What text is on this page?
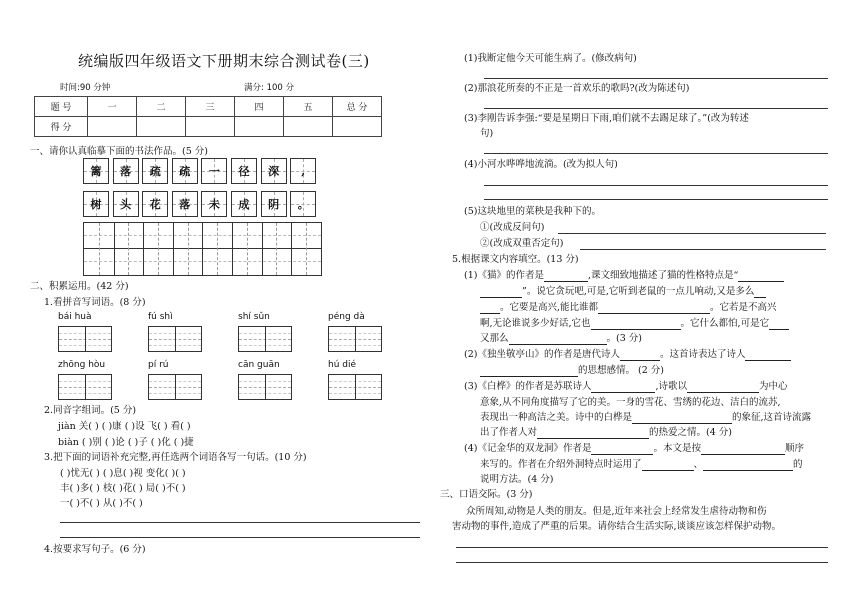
统编版四年级语文下册期末综合测试卷(三)
时间:90 分钟	满分: 100 分
题 号	一	二	三	四	五	总 分
得 分						
一、请你认真临摹下面的书法作品。(5 分)
篱	落	疏	疏	一	径	深	,
树	头	花	落	未	成	阴	。
二、积累运用。(42 分)
1.看拼音写词语。(8 分)
bái huà	fú shì	shí sǔn	péng dà
zhōng hòu	pí rú	cān guān	hú dié
2.同音字组词。(5 分)
jiàn 关( ) ( )康 ( )设 飞( ) 看( )
biàn ( )别 ( )论 ( )子 ( )化 ( )捷
3.把下面的词语补充完整,再任选两个词语各写一句话。(10 分)
( )忧无( ) ( )息( )视 变化( )( )
丰( )多( ) 枝( )花( ) 局( )不( )
一( )不( ) 从( )不( )
4.按要求写句子。(6 分)
(1)我断定他今天可能生病了。(修改病句)
(2)那浪花所奏的不正是一首欢乐的歌吗?(改为陈述句)
(3)李刚告诉李强:“要是星期日下雨,咱们就不去踢足球了。”(改为转述
句)
(4)小河水哗哗地流淌。(改为拟人句)
(5)这块地里的菜秧是我种下的。
①(改成反问句)
②(改成双重否定句)
5.根据课文内容填空。(13 分)
(1)《猫》的作者是	,课文细致地描述了猫的性格特点是“
”。说它贪玩吧,可是,它听到老鼠的一点儿响动,又是多么
。它要是高兴,能比谁都	。它若是不高兴
啊,无论谁说多少好话,它也	。它什么都怕,可是它
又那么	。(3 分)
(2)《独坐敬亭山》的作者是唐代诗人	。这首诗表达了诗人
的思想感情。 (2 分)
(3)《白桦》的作者是苏联诗人	,诗歌以	为中心
意象,从不同角度描写了它的美。一身的雪花、雪绣的花边、洁白的流苏,
表现出一种高洁之美。诗中的白桦是	的象征,这首诗流露
出了作者人对	的热爱之情。(4 分)
(4)《记金华的双龙洞》作者是	。本文是按	顺序
来写的。作者在介绍外洞特点时运用了	、	的
说明方法。(4 分)
三、口语交际。(3 分)
众所周知,动物是人类的朋友。但是,近年来社会上经常发生虐待动物和伤
害动物的事件,造成了严重的后果。请你结合生活实际,谈谈应该怎样保护动物。
